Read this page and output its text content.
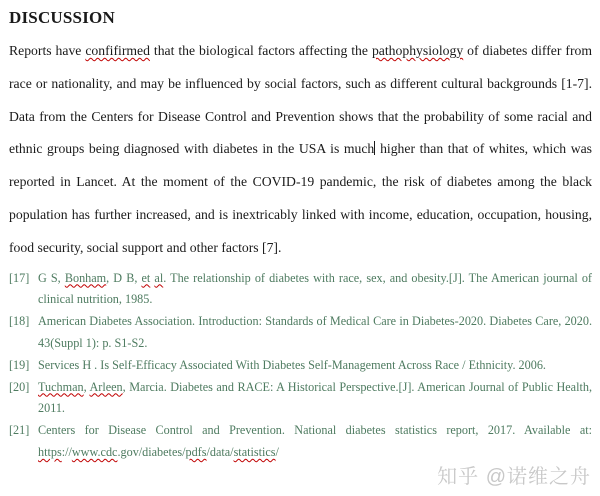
DISCUSSION

Reports have confifirmed that the biological factors affecting the pathophysiology of diabetes differ from race or nationality, and may be influenced by social factors, such as different cultural backgrounds [1-7]. Data from the Centers for Disease Control and Prevention shows that the probability of some racial and ethnic groups being diagnosed with diabetes in the USA is much higher than that of whites, which was reported in Lancet. At the moment of the COVID-19 pandemic, the risk of diabetes among the black population has further increased, and is inextricably linked with income, education, occupation, housing, food security, social support and other factors [7].

[17] G S, Bonham, D B, et al. The relationship of diabetes with race, sex, and obesity.[J]. The American journal of clinical nutrition, 1985.
[18] American Diabetes Association. Introduction: Standards of Medical Care in Diabetes-2020. Diabetes Care, 2020. 43(Suppl 1): p. S1-S2.
[19] Services H . Is Self-Efficacy Associated With Diabetes Self-Management Across Race / Ethnicity. 2006.
[20] Tuchman, Arleen, Marcia. Diabetes and RACE: A Historical Perspective.[J]. American Journal of Public Health, 2011.
[21] Centers for Disease Control and Prevention. National diabetes statistics report, 2017. Available at: https://www.cdc.gov/diabetes/pdfs/data/statistics/
知乎 @诺维之舟
